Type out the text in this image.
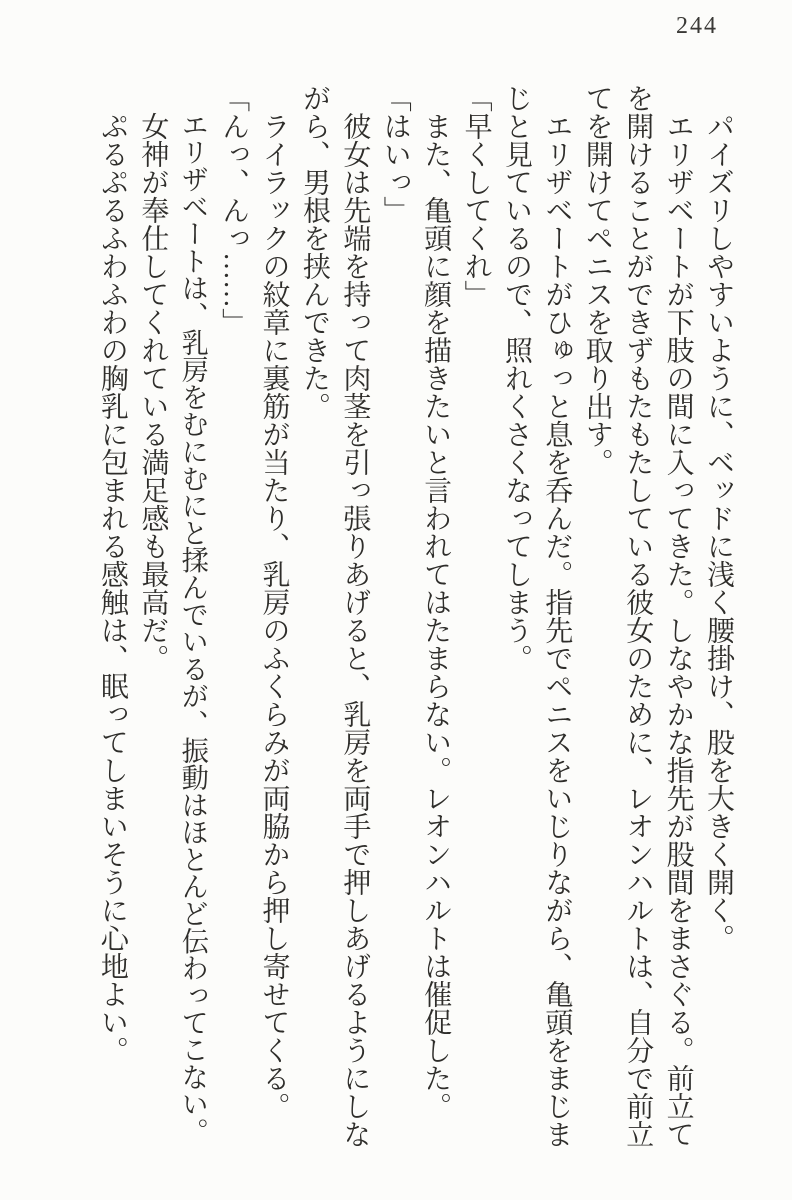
244

パイズリしやすいように、ベッドに浅く腰掛け、股を大きく開く。

エリザベートが下肢の間に入ってきた。しなやかな指先が股間をまさぐる。前立てを開けることができずもたもたしている彼女のために、レオンハルトは、自分で前立てを開けてペニスを取り出す。

エリザベートがひゅっと息を呑んだ。指先でペニスをいじりながら、亀頭をまじまじと見ているので、照れくさくなってしまう。

「早くしてくれ」

また、亀頭に顔を描きたいと言われてはたまらない。レオンハルトは催促した。

「はいっ」

彼女は先端を持って肉茎を引っ張りあげると、乳房を両手で押しあげるようにしながら、男根を挟んできた。

ライラックの紋章に裏筋が当たり、乳房のふくらみが両脇から押し寄せてくる。

「んっ、んっ……」

エリザベートは、乳房をむにむにと揉んでいるが、振動はほとんど伝わってこない。

女神が奉仕してくれている満足感も最高だ。

ぷるぷるふわふわの胸乳に包まれる感触は、眠ってしまいそうに心地よい。
